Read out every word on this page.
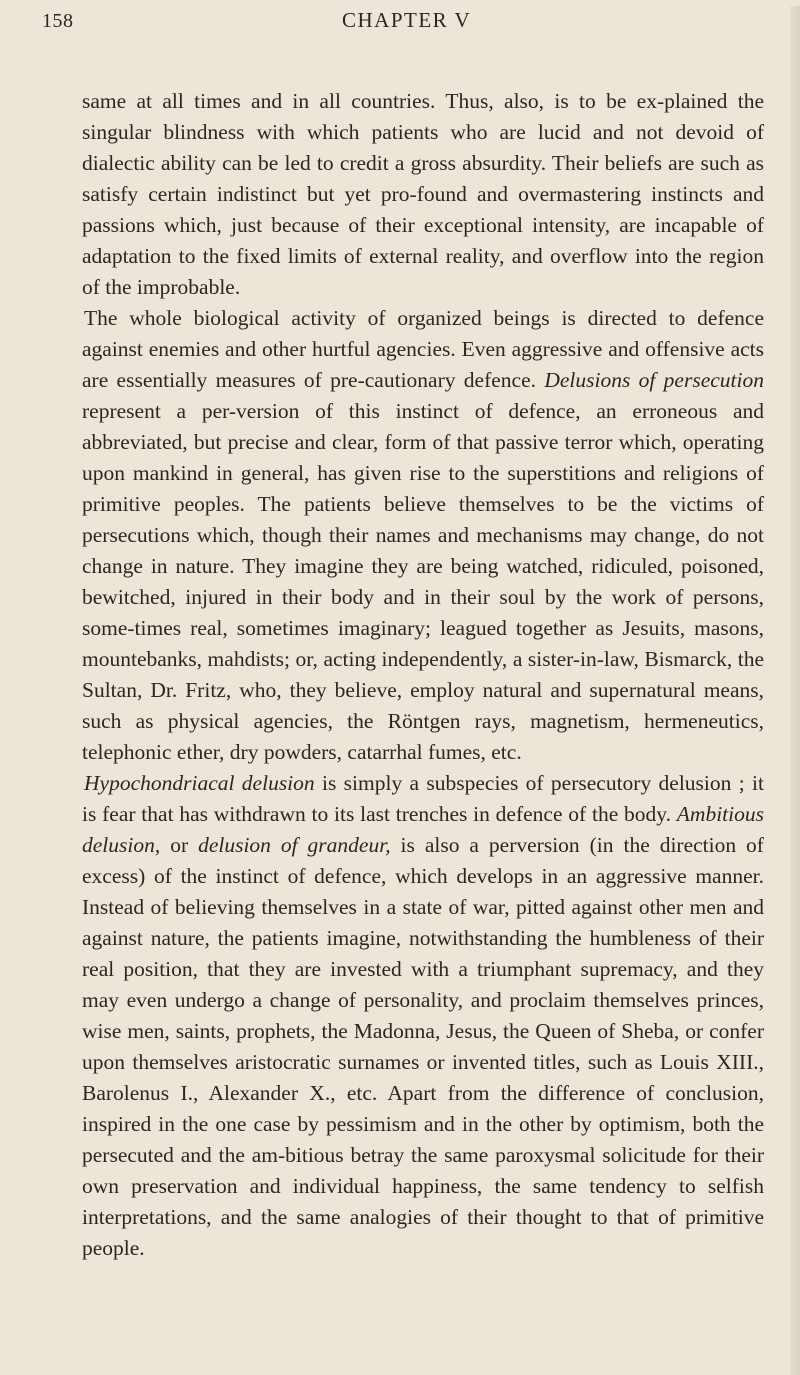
158	CHAPTER V

same at all times and in all countries. Thus, also, is to be ex-plained the singular blindness with which patients who are lucid and not devoid of dialectic ability can be led to credit a gross absurdity. Their beliefs are such as satisfy certain indistinct but yet pro-found and overmastering instincts and passions which, just because of their exceptional intensity, are incapable of adaptation to the fixed limits of external reality, and overflow into the region of the improbable.

The whole biological activity of organized beings is directed to defence against enemies and other hurtful agencies. Even aggressive and offensive acts are essentially measures of pre-cautionary defence. Delusions of persecution represent a per-version of this instinct of defence, an erroneous and abbreviated, but precise and clear, form of that passive terror which, operating upon mankind in general, has given rise to the superstitions and religions of primitive peoples. The patients believe themselves to be the victims of persecutions which, though their names and mechanisms may change, do not change in nature. They imagine they are being watched, ridiculed, poisoned, bewitched, injured in their body and in their soul by the work of persons, some-times real, sometimes imaginary; leagued together as Jesuits, masons, mountebanks, mahdists; or, acting independently, a sister-in-law, Bismarck, the Sultan, Dr. Fritz, who, they believe, employ natural and supernatural means, such as physical agencies, the Röntgen rays, magnetism, hermeneutics, telephonic ether, dry powders, catarrhal fumes, etc.

Hypochondriacal delusion is simply a subspecies of persecutory delusion ; it is fear that has withdrawn to its last trenches in defence of the body. Ambitious delusion, or delusion of grandeur, is also a perversion (in the direction of excess) of the instinct of defence, which develops in an aggressive manner. Instead of believing themselves in a state of war, pitted against other men and against nature, the patients imagine, notwithstanding the humbleness of their real position, that they are invested with a triumphant supremacy, and they may even undergo a change of personality, and proclaim themselves princes, wise men, saints, prophets, the Madonna, Jesus, the Queen of Sheba, or confer upon themselves aristocratic surnames or invented titles, such as Louis XIII., Barolenus I., Alexander X., etc. Apart from the difference of conclusion, inspired in the one case by pessimism and in the other by optimism, both the persecuted and the am-bitious betray the same paroxysmal solicitude for their own preservation and individual happiness, the same tendency to selfish interpretations, and the same analogies of their thought to that of primitive people.
